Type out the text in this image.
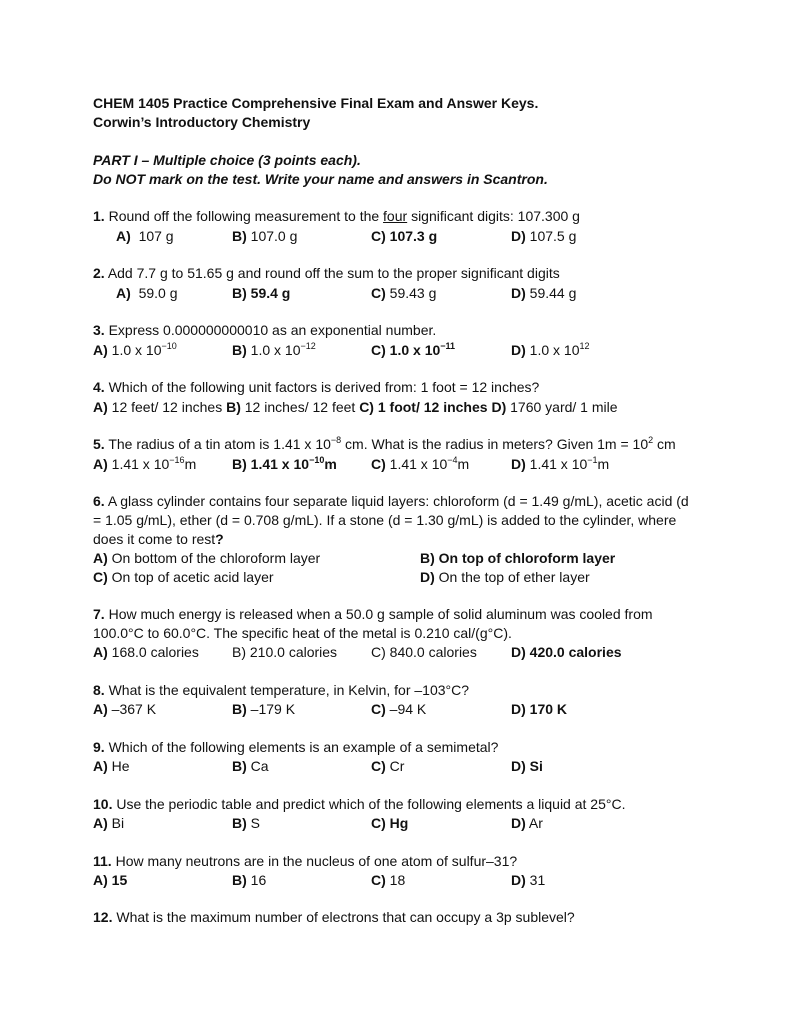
CHEM 1405 Practice Comprehensive Final Exam and Answer Keys.
Corwin’s Introductory Chemistry
PART I – Multiple choice (3 points each).
Do NOT mark on the test. Write your name and answers in Scantron.
1. Round off the following measurement to the four significant digits: 107.300 g
A) 107 g	B) 107.0 g	C) 107.3 g	D) 107.5 g
2. Add 7.7 g to 51.65 g and round off the sum to the proper significant digits
A) 59.0 g	B) 59.4 g	C) 59.43 g	D) 59.44 g
3. Express 0.000000000010 as an exponential number.
A) 1.0 x $10^{-10}$	B) 1.0 x $10^{-12}$	C) 1.0 x $10^{-11}$	D) 1.0 x $10^{12}$
4. Which of the following unit factors is derived from: 1 foot = 12 inches?
A) 12 feet/ 12 inches B) 12 inches/ 12 feet C) 1 foot/ 12 inches D) 1760 yard/ 1 mile
5. The radius of a tin atom is 1.41 x $10^{-8}$ cm. What is the radius in meters? Given $1m = 10^2$ cm
A) 1.41 x $10^{-16}m$	B) 1.41 x $10^{-10}m$ C) 1.41 x $10^{-4}m$	D) 1.41 x $10^{-1}m$
6. A glass cylinder contains four separate liquid layers: chloroform (d = 1.49 g/mL), acetic acid (d
= 1.05 g/mL), ether (d = 0.708 g/mL). If a stone (d = 1.30 g/mL) is added to the cylinder, where
does it come to rest?
A) On bottom of the chloroform layer	B) On top of chloroform layer
C) On top of acetic acid layer	D) On the top of ether layer
7. How much energy is released when a 50.0 g sample of solid aluminum was cooled from
100.0°C to 60.0°C. The specific heat of the metal is 0.210 cal/(g°C).
A) 168.0 calories B) 210.0 calories C) 840.0 calories D) 420.0 calories
8. What is the equivalent temperature, in Kelvin, for –103°C?
A) –367 K	B) –179 K	C) –94 K	D) 170 K
9. Which of the following elements is an example of a semimetal?
A) He	B) Ca	C) Cr	D) Si
10. Use the periodic table and predict which of the following elements a liquid at 25°C.
A) Bi	B) S	C) Hg	D) Ar
11. How many neutrons are in the nucleus of one atom of sulfur–31?
A) 15	B) 16	C) 18	D) 31
12. What is the maximum number of electrons that can occupy a 3p sublevel?
